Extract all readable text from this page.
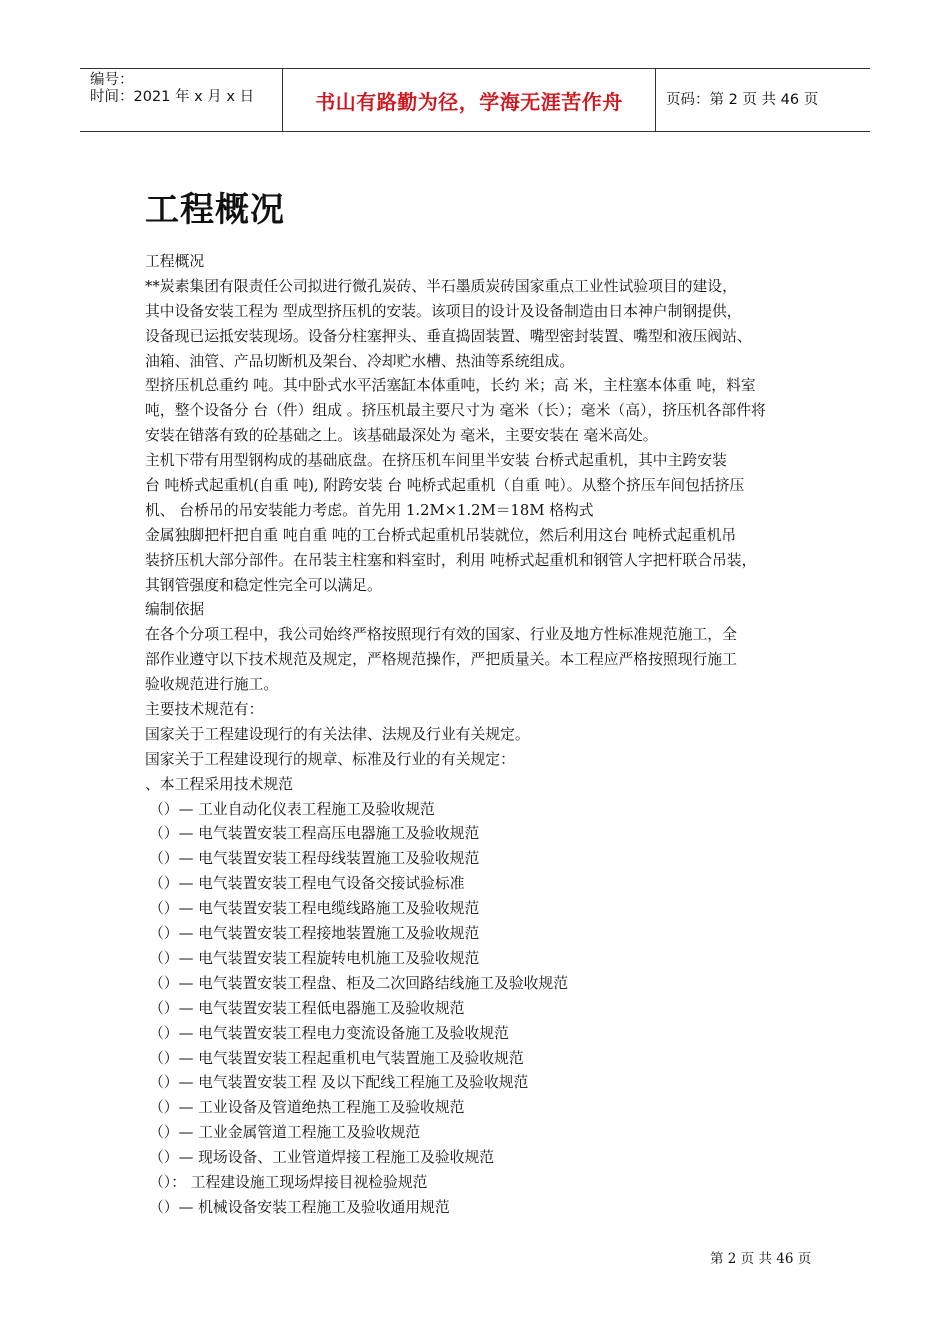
编号：
时间：2021 年 x 月 x 日	书山有路勤为径，学海无涯苦作舟	页码：第 2 页 共 46 页
工程概况
工程概况
**炭素集团有限责任公司拟进行微孔炭砖、半石墨质炭砖国家重点工业性试验项目的建设，
其中设备安装工程为 型成型挤压机的安装。该项目的设计及设备制造由日本神户制钢提供，
设备现已运抵安装现场。设备分柱塞押头、垂直捣固装置、嘴型密封装置、嘴型和液压阀站、
油箱、油管、产品切断机及架台、冷却贮水槽、热油等系统组成。
型挤压机总重约 吨。其中卧式水平活塞缸本体重吨，长约 米；高 米，主柱塞本体重 吨，料室
吨，整个设备分 台（件）组成 。挤压机最主要尺寸为 毫米（长）；毫米（高），挤压机各部件将
安装在错落有致的砼基础之上。该基础最深处为 毫米，主要安装在 毫米高处。
主机下带有用型钢构成的基础底盘。在挤压机车间里半安装 台桥式起重机，其中主跨安装
台 吨桥式起重机(自重 吨), 附跨安装 台 吨桥式起重机（自重 吨）。从整个挤压车间包括挤压
机、 台桥吊的吊安装能力考虑。首先用 1.2M×1.2M＝18M 格构式
金属独脚把杆把自重 吨自重 吨的工台桥式起重机吊装就位，然后利用这台 吨桥式起重机吊
装挤压机大部分部件。在吊装主柱塞和料室时，利用 吨桥式起重机和钢管人字把杆联合吊装，
其钢管强度和稳定性完全可以满足。
编制依据
在各个分项工程中，我公司始终严格按照现行有效的国家、行业及地方性标准规范施工，全
部作业遵守以下技术规范及规定，严格规范操作，严把质量关。本工程应严格按照现行施工
验收规范进行施工。
主要技术规范有：
国家关于工程建设现行的有关法律、法规及行业有关规定。
国家关于工程建设现行的规章、标准及行业的有关规定：
、本工程采用技术规范
（）— 工业自动化仪表工程施工及验收规范
（）— 电气装置安装工程高压电器施工及验收规范
（）— 电气装置安装工程母线装置施工及验收规范
（）— 电气装置安装工程电气设备交接试验标准
（）— 电气装置安装工程电缆线路施工及验收规范
（）— 电气装置安装工程接地装置施工及验收规范
（）— 电气装置安装工程旋转电机施工及验收规范
（）— 电气装置安装工程盘、柜及二次回路结线施工及验收规范
（）— 电气装置安装工程低电器施工及验收规范
（）— 电气装置安装工程电力变流设备施工及验收规范
（）— 电气装置安装工程起重机电气装置施工及验收规范
（）— 电气装置安装工程 及以下配线工程施工及验收规范
（）— 工业设备及管道绝热工程施工及验收规范
（）— 工业金属管道工程施工及验收规范
（）— 现场设备、工业管道焊接工程施工及验收规范
（）： 工程建设施工现场焊接目视检验规范
（）— 机械设备安装工程施工及验收通用规范
第 2 页 共 46 页
